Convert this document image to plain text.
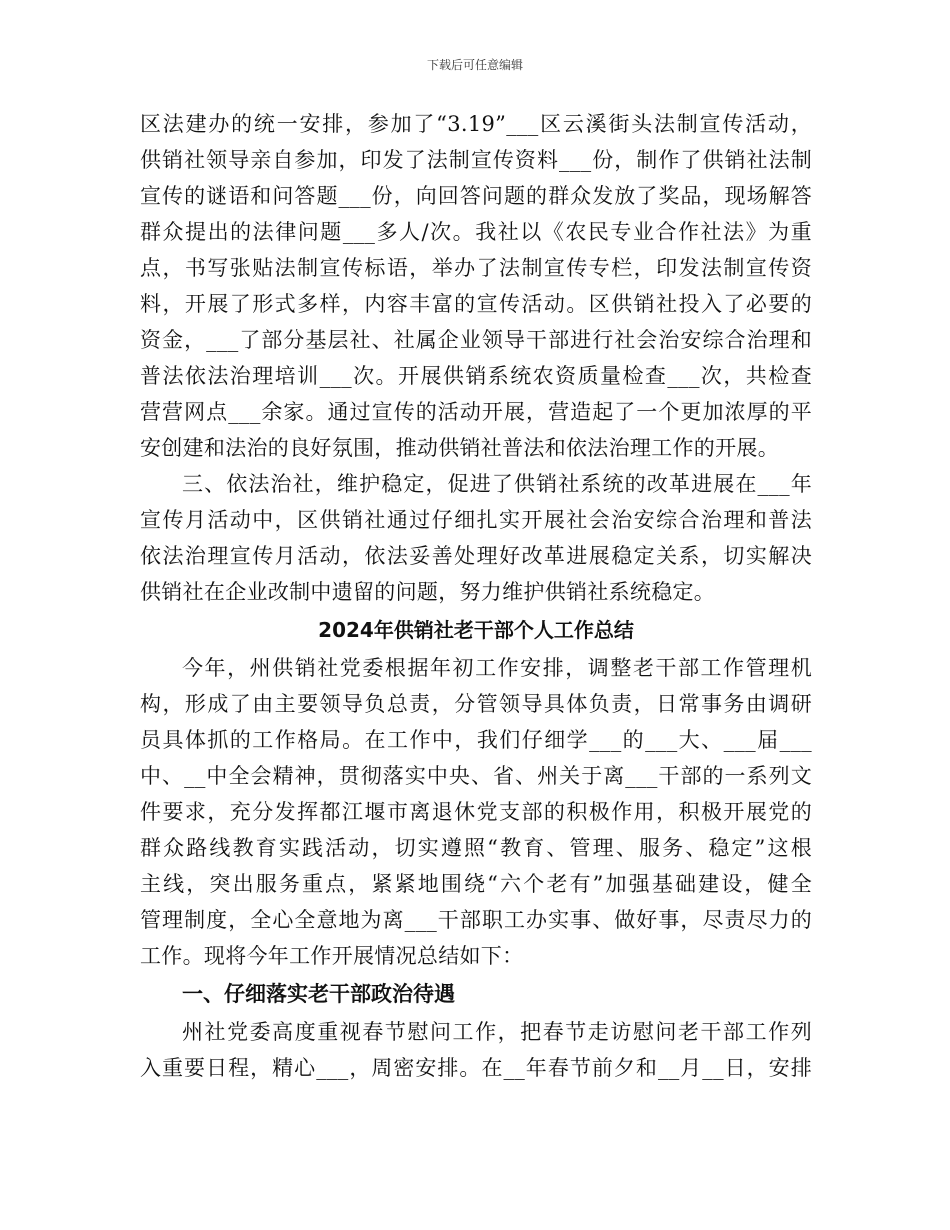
下载后可任意编辑
区法建办的统一安排，参加了“3.19”___区云溪街头法制宣传活动，
供销社领导亲自参加，印发了法制宣传资料___份，制作了供销社法制
宣传的谜语和问答题___份，向回答问题的群众发放了奖品，现场解答
群众提出的法律问题___多人/次。我社以《农民专业合作社法》为重
点，书写张贴法制宣传标语，举办了法制宣传专栏，印发法制宣传资
料，开展了形式多样，内容丰富的宣传活动。区供销社投入了必要的
资金，___了部分基层社、社属企业领导干部进行社会治安综合治理和
普法依法治理培训___次。开展供销系统农资质量检查___次，共检查
营营网点___余家。通过宣传的活动开展，营造起了一个更加浓厚的平
安创建和法治的良好氛围，推动供销社普法和依法治理工作的开展。
三、依法治社，维护稳定，促进了供销社系统的改革进展在___年
宣传月活动中，区供销社通过仔细扎实开展社会治安综合治理和普法
依法治理宣传月活动，依法妥善处理好改革进展稳定关系，切实解决
供销社在企业改制中遗留的问题，努力维护供销社系统稳定。
2024年供销社老干部个人工作总结
今年，州供销社党委根据年初工作安排，调整老干部工作管理机
构，形成了由主要领导负总责，分管领导具体负责，日常事务由调研
员具体抓的工作格局。在工作中，我们仔细学___的___大、___届___
中、__中全会精神，贯彻落实中央、省、州关于离___干部的一系列文
件要求，充分发挥都江堰市离退休党支部的积极作用，积极开展党的
群众路线教育实践活动，切实遵照“教育、管理、服务、稳定”这根
主线，突出服务重点，紧紧地围绕“六个老有”加强基础建设，健全
管理制度，全心全意地为离___干部职工办实事、做好事，尽责尽力的
工作。现将今年工作开展情况总结如下：
一、仔细落实老干部政治待遇
州社党委高度重视春节慰问工作，把春节走访慰问老干部工作列
入重要日程，精心___，周密安排。在__年春节前夕和__月__日，安排
